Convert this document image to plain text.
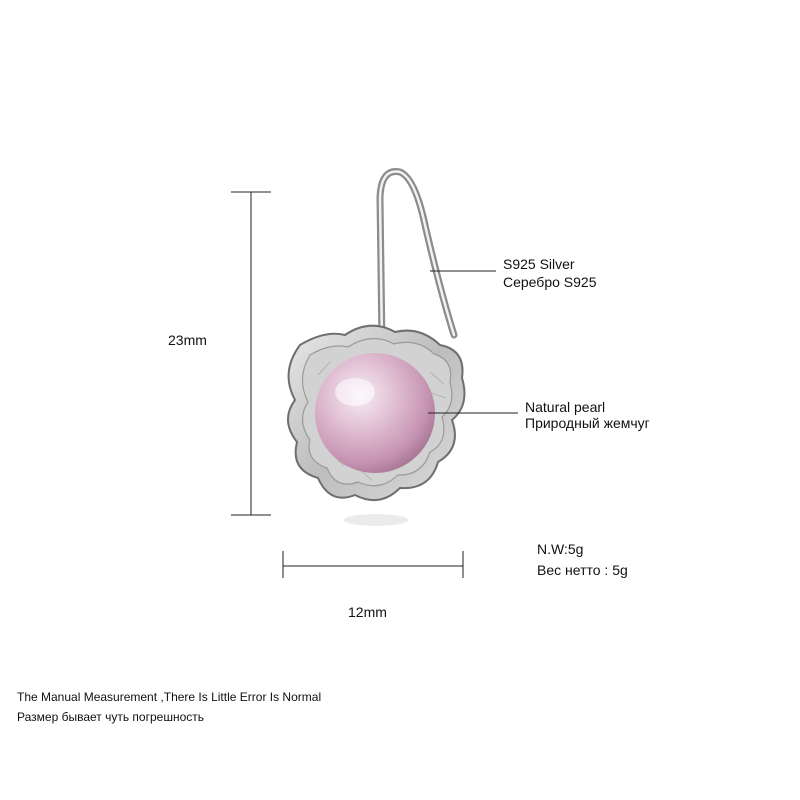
23mm
12mm
S925 Silver
Серебро S925
Natural pearl
Природный жемчуг
N.W:5g
Вес нетто : 5g
The Manual Measurement ,There Is Little Error Is Normal
Размер бывает чуть погрешность
